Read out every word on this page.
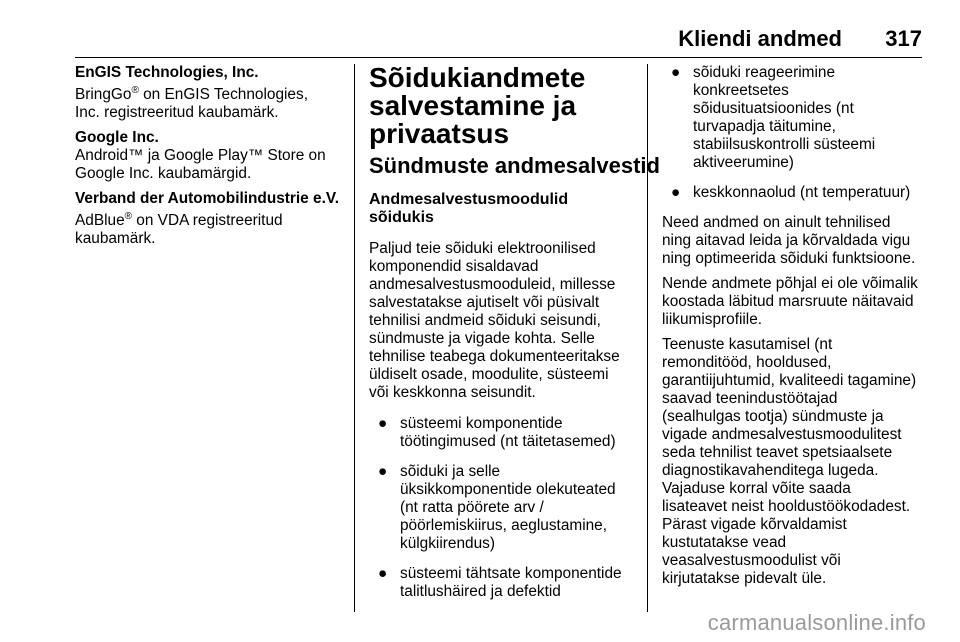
Kliendi andmed 317
EnGIS Technologies, Inc.
BringGo® on EnGIS Technologies,
Inc. registreeritud kaubamärk.
Google Inc.
Android™ ja Google Play™ Store on
Google Inc. kaubamärgid.
Verband der Automobilindustrie e.V.
AdBlue® on VDA registreeritud
kaubamärk.
Sõidukiandmete
salvestamine ja
privaatsus
Sündmuste andmesalvestid
Andmesalvestusmoodulid
sõidukis
Paljud teie sõiduki elektroonilised
komponendid sisaldavad
andmesalvestusmooduleid, millesse
salvestatakse ajutiselt või püsivalt
tehnilisi andmeid sõiduki seisundi,
sündmuste ja vigade kohta. Selle
tehnilise teabega dokumenteeritakse
üldiselt osade, moodulite, süsteemi
või keskkonna seisundit.
● süsteemi komponentide
töötingimused (nt täitetasemed)
● sõiduki ja selle
üksikkomponentide olekuteated
(nt ratta pöörete arv /
pöörlemiskiirus, aeglustamine,
külgkiirendus)
● süsteemi tähtsate komponentide
talitlushäired ja defektid
● sõiduki reageerimine
konkreetsetes
sõidusituatsioonides (nt
turvapadja täitumine,
stabiilsuskontrolli süsteemi
aktiveerumine)
● keskkonnaolud (nt temperatuur)
Need andmed on ainult tehnilised
ning aitavad leida ja kõrvaldada vigu
ning optimeerida sõiduki funktsioone.
Nende andmete põhjal ei ole võimalik
koostada läbitud marsruute näitavaid
liikumisprofiile.
Teenuste kasutamisel (nt
remonditööd, hooldused,
garantiijuhtumid, kvaliteedi tagamine)
saavad teenindustöötajad
(sealhulgas tootja) sündmuste ja
vigade andmesalvestusmoodulitest
seda tehnilist teavet spetsiaalsete
diagnostikavahenditega lugeda.
Vajaduse korral võite saada
lisateavet neist hooldustöökodadest.
Pärast vigade kõrvaldamist
kustutatakse vead
veasalvestusmoodulist või
kirjutatakse pidevalt üle.
carmanualsonline.info
